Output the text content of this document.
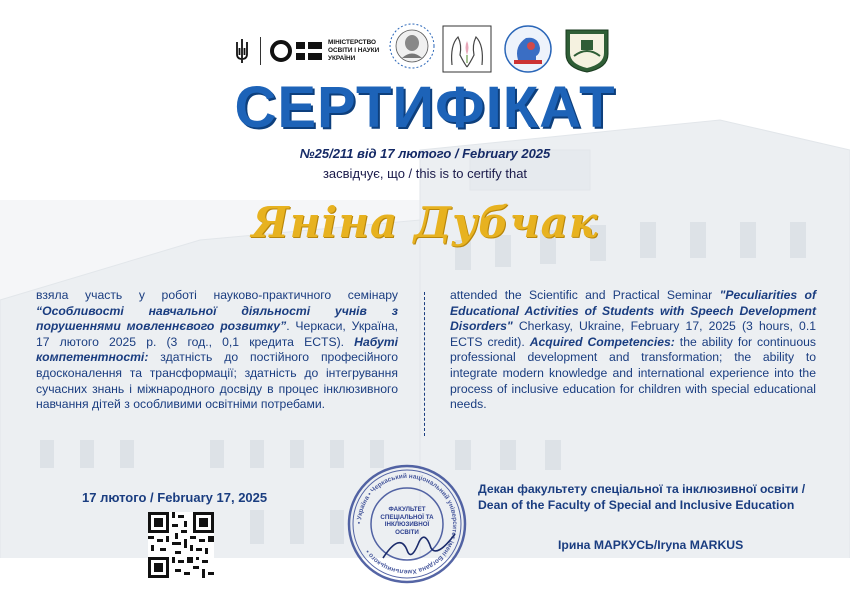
МІНІСТЕРСТВО ОСВІТИ І НАУКИ УКРАЇНИ
СЕРТИФІКАТ
№25/211 від 17 лютого / February 2025
засвідчує, що / this is to certify that
Яніна Дубчак
взяла участь у роботі науково-практичного семінару “Особливості навчальної діяльності учнів з порушеннями мовленнєвого розвитку”. Черкаси, Україна, 17 лютого 2025 р. (3 год., 0,1 кредита ECTS). Набуті компетентності: здатність до постійного професійного вдосконалення та трансформації; здатність до інтегрування сучасних знань і міжнародного досвіду в процес інклюзивного навчання дітей з особливими освітніми потребами.
attended the Scientific and Practical Seminar "Peculiarities of Educational Activities of Students with Speech Development Disorders" Cherkasy, Ukraine, February 17, 2025 (3 hours, 0.1 ECTS credit). Acquired Competencies: the ability for continuous professional development and transformation; the ability to integrate modern knowledge and international experience into the process of inclusive education for children with special educational needs.
17 лютого / February 17, 2025
• Україна • Черкаський національний університет імені Богдана Хмельницького •
ФАКУЛЬТЕТ СПЕЦІАЛЬНОЇ ТА ІНКЛЮЗИВНОЇ ОСВІТИ
Декан факультету спеціальної та інклюзивної освіти / Dean of the Faculty of Special and Inclusive Education
Ірина МАРКУСЬ/Iryna MARKUS
